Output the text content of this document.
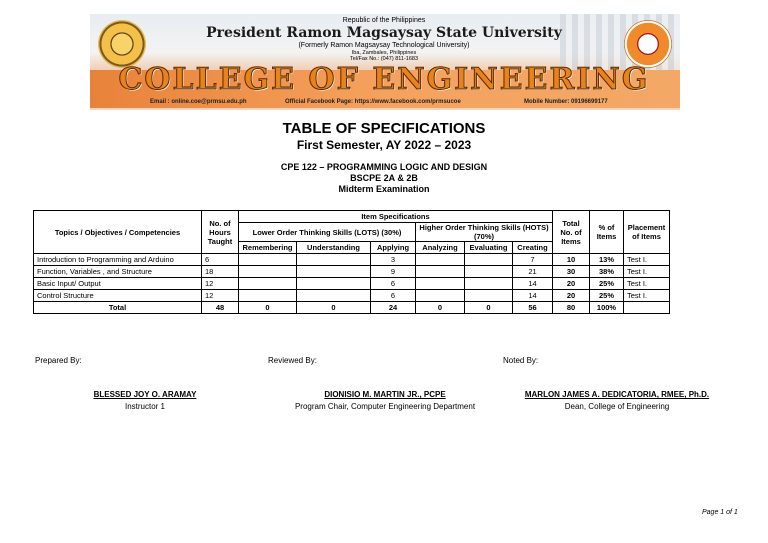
Republic of the Philippines
President Ramon Magsaysay State University
(Formerly Ramon Magsaysay Technological University)
Iba, Zambales, Philippines
Tel/Fax No.: (047) 811-1683
COLLEGE OF ENGINEERING
Email : online.coe@prmsu.edu.ph	Official Facebook Page: https://www.facebook.com/prmsucoe	Mobile Number: 09196699177
TABLE OF SPECIFICATIONS
First Semester, AY 2022 – 2023
CPE 122 – PROGRAMMING LOGIC AND DESIGN
BSCPE 2A & 2B
Midterm Examination
Topics / Objectives / Competencies	No. of Hours Taught	Item Specifications						Total No. of Items	% of Items	Placement of Items
		Lower Order Thinking Skills (LOTS) (30%)			Higher Order Thinking Skills (HOTS) (70%)					
		Remembering	Understanding	Applying	Analyzing	Evaluating	Creating			
Introduction to Programming and Arduino	6			3			7	10	13%	Test I.
Function, Variables , and Structure	18			9			21	30	38%	Test I.
Basic Input/ Output	12			6			14	20	25%	Test I.
Control Structure	12			6			14	20	25%	Test I.
Total	48	0	0	24	0	0	56	80	100%	
Prepared By:	Reviewed By:	Noted By:
BLESSED JOY O. ARAMAY
Instructor 1
DIONISIO M. MARTIN JR., PCPE
Program Chair, Computer Engineering Department
MARLON JAMES A. DEDICATORIA, RMEE, Ph.D.
Dean, College of Engineering
Page 1 of 1
